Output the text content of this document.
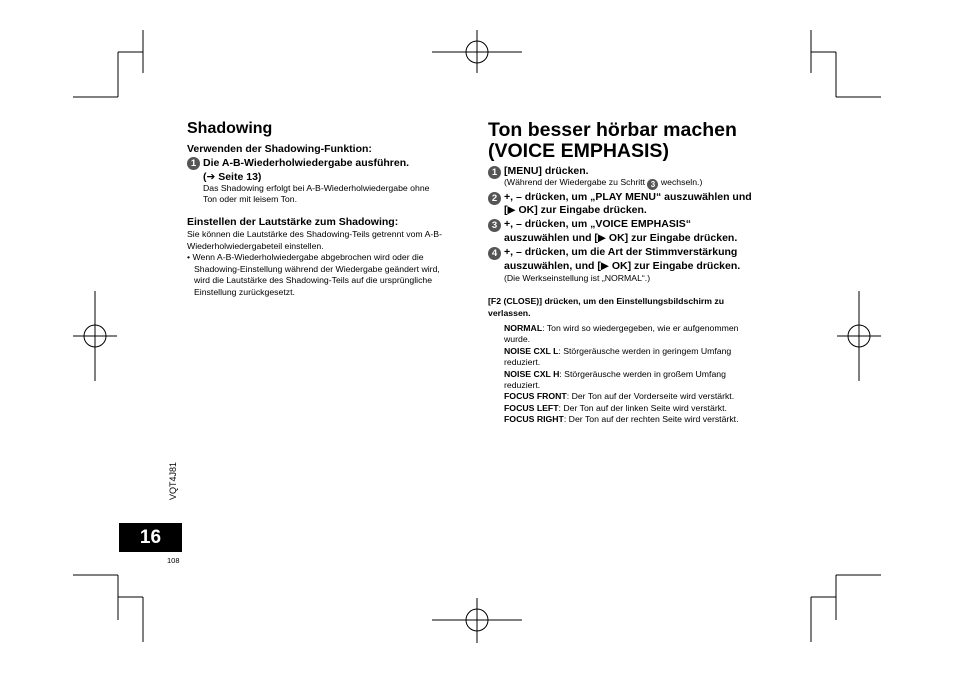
Shadowing
Verwenden der Shadowing-Funktion:
1 Die A-B-Wiederholwiedergabe ausführen.
(➔ Seite 13)
Das Shadowing erfolgt bei A-B-Wiederholwiedergabe ohne
Ton oder mit leisem Ton.
Einstellen der Lautstärke zum Shadowing:
Sie können die Lautstärke des Shadowing-Teils getrennt vom A-B-
Wiederholwiedergabeteil einstellen.
• Wenn A-B-Wiederholwiedergabe abgebrochen wird oder die
Shadowing-Einstellung während der Wiedergabe geändert wird,
wird die Lautstärke des Shadowing-Teils auf die ursprüngliche
Einstellung zurückgesetzt.
Ton besser hörbar machen
(VOICE EMPHASIS)
1 [MENU] drücken.
(Während der Wiedergabe zu Schritt 3 wechseln.)
2 +, – drücken, um „PLAY MENU“ auszuwählen und
[▶ OK] zur Eingabe drücken.
3 +, – drücken, um „VOICE EMPHASIS“
auszuwählen und [▶ OK] zur Eingabe drücken.
4 +, – drücken, um die Art der Stimmverstärkung
auszuwählen, und [▶ OK] zur Eingabe drücken.
(Die Werkseinstellung ist „NORMAL“.)
[F2 (CLOSE)] drücken, um den Einstellungsbildschirm zu
verlassen.
NORMAL: Ton wird so wiedergegeben, wie er aufgenommen
wurde.
NOISE CXL L: Störgeräusche werden in geringem Umfang
reduziert.
NOISE CXL H: Störgeräusche werden in großem Umfang
reduziert.
FOCUS FRONT: Der Ton auf der Vorderseite wird verstärkt.
FOCUS LEFT: Der Ton auf der linken Seite wird verstärkt.
FOCUS RIGHT: Der Ton auf der rechten Seite wird verstärkt.
VQT4J81
16
108
